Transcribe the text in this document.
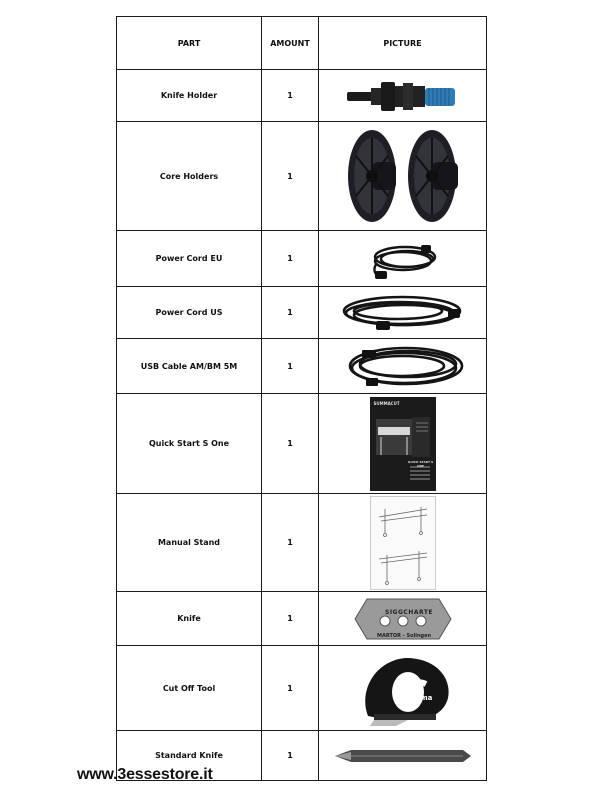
PART	AMOUNT	PICTURE
Knife Holder	1	

Core Holders	1	

Power Cord EU	1	

Power Cord US	1	

USB Cable AM/BM 5M	1	

Quick Start S One	1	SUMMACUT
QUICK START S ONE

Manual Stand	1	

Knife	1	SIGGCHARTE
MARTOR - Solingen

Cut Off Tool	1	Summa

Standard Knife	1	
www.3essestore.it
